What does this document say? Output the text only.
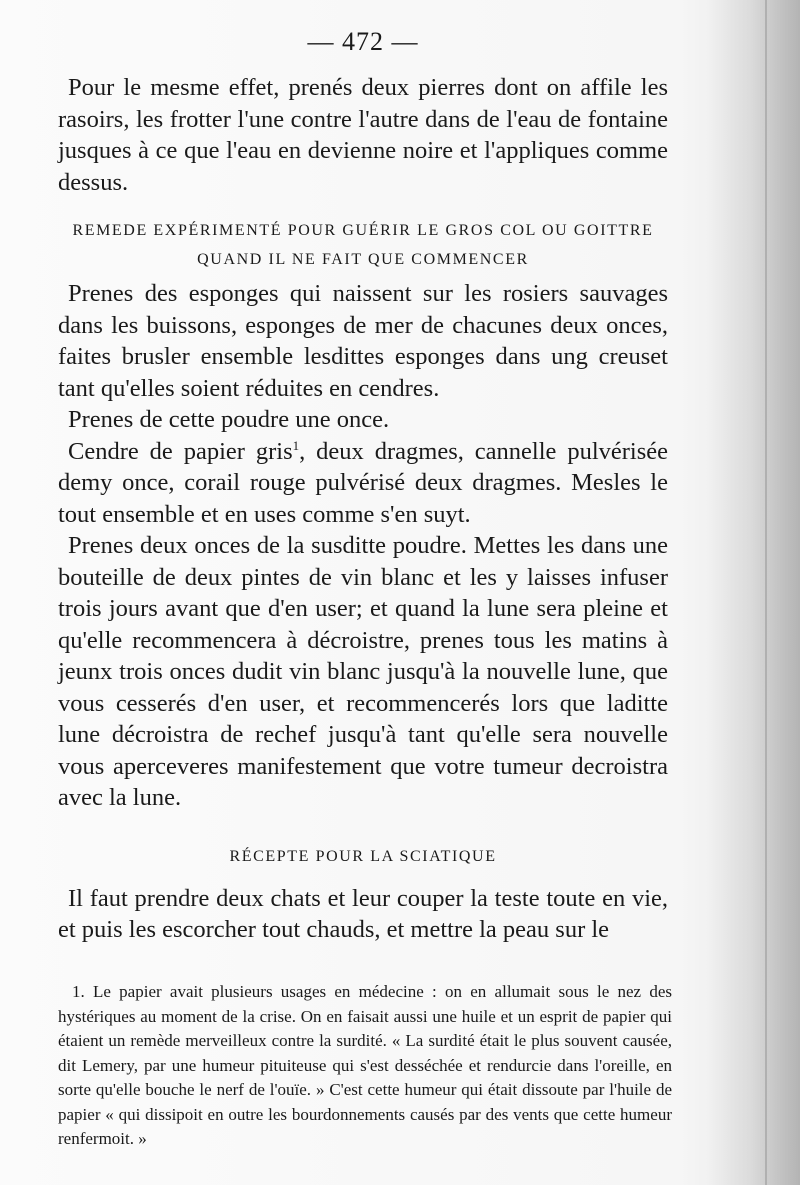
— 472 —

Pour le mesme effet, prenés deux pierres dont on affile les rasoirs, les frotter l'une contre l'autre dans de l'eau de fontaine jusques à ce que l'eau en devienne noire et l'appliques comme dessus.

REMEDE EXPÉRIMENTÉ POUR GUÉRIR LE GROS COL OU GOITTRE
QUAND IL NE FAIT QUE COMMENCER

Prenes des esponges qui naissent sur les rosiers sauvages dans les buissons, esponges de mer de chacunes deux onces, faites brusler ensemble lesdittes esponges dans ung creuset tant qu'elles soient réduites en cendres.

Prenes de cette poudre une once.

Cendre de papier gris$^1$, deux dragmes, cannelle pulvérisée demy once, corail rouge pulvérisé deux dragmes. Mesles le tout ensemble et en uses comme s'en suyt.

Prenes deux onces de la susditte poudre. Mettes les dans une bouteille de deux pintes de vin blanc et les y laisses infuser trois jours avant que d'en user; et quand la lune sera pleine et qu'elle recommencera à décroistre, prenes tous les matins à jeunx trois onces dudit vin blanc jusqu'à la nouvelle lune, que vous cesserés d'en user, et recommencerés lors que laditte lune décroistra de rechef jusqu'à tant qu'elle sera nouvelle vous aperceveres manifestement que votre tumeur decroistra avec la lune.

RÉCEPTE POUR LA SCIATIQUE

Il faut prendre deux chats et leur couper la teste toute en vie, et puis les escorcher tout chauds, et mettre la peau sur le

1. Le papier avait plusieurs usages en médecine : on en allumait sous le nez des hystériques au moment de la crise. On en faisait aussi une huile et un esprit de papier qui étaient un remède merveilleux contre la surdité. « La surdité était le plus souvent causée, dit Lemery, par une humeur pituiteuse qui s'est desséchée et rendurcie dans l'oreille, en sorte qu'elle bouche le nerf de l'ouïe. » C'est cette humeur qui était dissoute par l'huile de papier « qui dissipoit en outre les bourdonnements causés par des vents que cette humeur renfermoit. »
